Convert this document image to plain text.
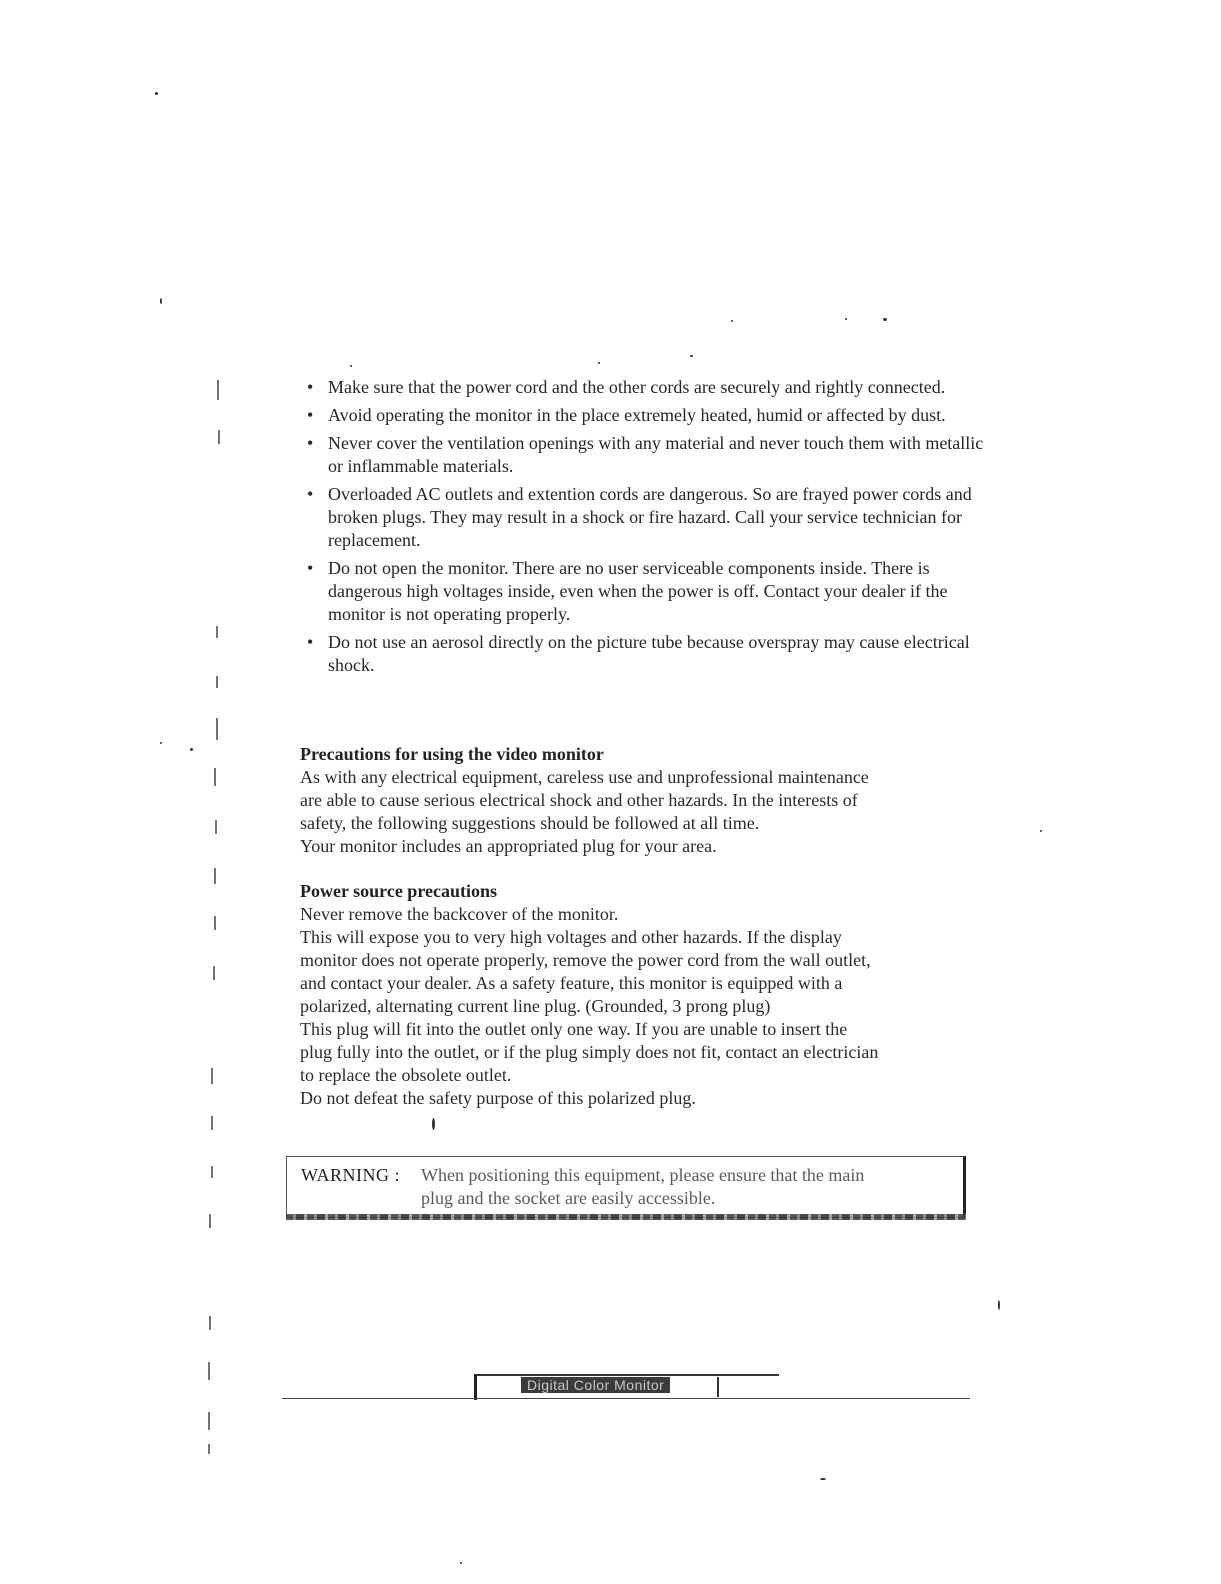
• Make sure that the power cord and the other cords are securely and rightly connected.
• Avoid operating the monitor in the place extremely heated, humid or affected by dust.
• Never cover the ventilation openings with any material and never touch them with metallic or inflammable materials.
• Overloaded AC outlets and extention cords are dangerous. So are frayed power cords and broken plugs. They may result in a shock or fire hazard. Call your service technician for replacement.
• Do not open the monitor. There are no user serviceable components inside. There is dangerous high voltages inside, even when the power is off. Contact your dealer if the monitor is not operating properly.
• Do not use an aerosol directly on the picture tube because overspray may cause electrical shock.
Precautions for using the video monitor

As with any electrical equipment, careless use and unprofessional maintenance

are able to cause serious electrical shock and other hazards. In the interests of

safety, the following suggestions should be followed at all time.

Your monitor includes an appropriated plug for your area.

Power source precautions

Never remove the backcover of the monitor.

This will expose you to very high voltages and other hazards. If the display

monitor does not operate properly, remove the power cord from the wall outlet,

and contact your dealer. As a safety feature, this monitor is equipped with a

polarized, alternating current line plug. (Grounded, 3 prong plug)

This plug will fit into the outlet only one way. If you are unable to insert the

plug fully into the outlet, or if the plug simply does not fit, contact an electrician

to replace the obsolete outlet.

Do not defeat the safety purpose of this polarized plug.

WARNING : When positioning this equipment, please ensure that the main
plug and the socket are easily accessible.
Digital Color Monitor
